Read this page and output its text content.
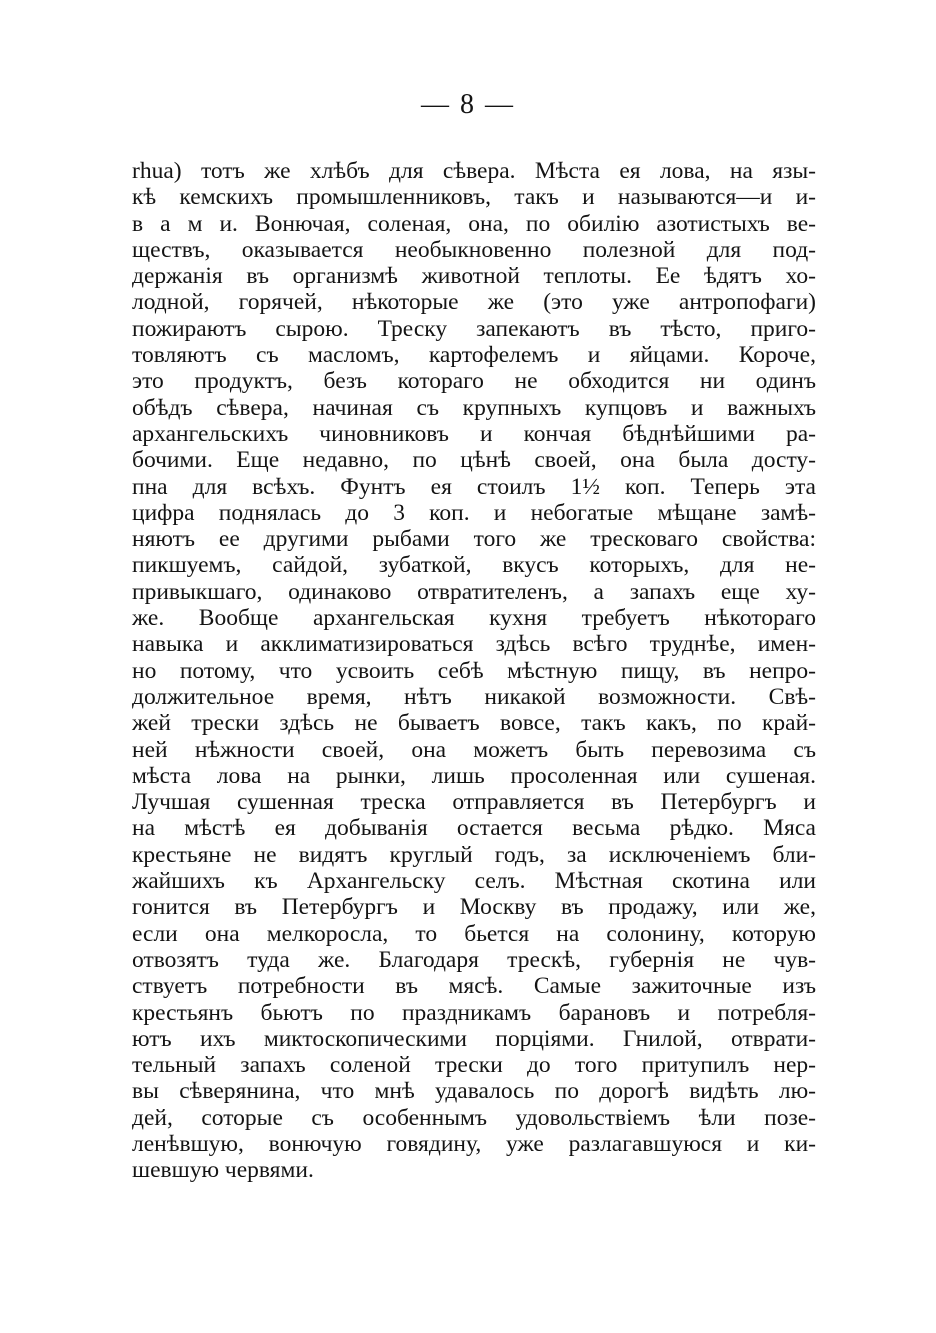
— 8 —
rhua) тотъ же хлѣбъ для сѣвера. Мѣста ея лова, на язы-
кѣ кемскихъ промышленниковъ, такъ и называются—и и-
в а м и. Вонючая, соленая, она, по обилію азотистыхъ ве-
ществъ, оказывается необыкновенно полезной для под-
держанія въ организмѣ животной теплоты. Ее ѣдятъ хо-
лодной, горячей, нѣкоторые же (это уже антропофаги)
пожираютъ сырою. Треску запекаютъ въ тѣсто, приго-
товляютъ съ масломъ, картофелемъ и яйцами. Короче,
это продуктъ, безъ котораго не обходится ни одинъ
обѣдъ сѣвера, начиная съ крупныхъ купцовъ и важныхъ
архангельскихъ чиновниковъ и кончая бѣднѣйшими ра-
бочими. Еще недавно, по цѣнѣ своей, она была досту-
пна для всѣхъ. Фунтъ ея стоилъ 1½ коп. Теперь эта
цифра поднялась до 3 коп. и небогатые мѣщане замѣ-
няютъ ее другими рыбами того же тресковаго свойства:
пикшуемъ, сайдой, зубаткой, вкусъ которыхъ, для не-
привыкшаго, одинаково отвратителенъ, а запахъ еще ху-
же. Вообще архангельская кухня требуетъ нѣкотораго
навыка и акклиматизироваться здѣсь всѣго труднѣе, имен-
но потому, что усвоить себѣ мѣстную пищу, въ непро-
должительное время, нѣтъ никакой возможности. Свѣ-
жей трески здѣсь не бываетъ вовсе, такъ какъ, по край-
ней нѣжности своей, она можетъ быть перевозима съ
мѣста лова на рынки, лишь просоленная или сушеная.
Лучшая сушенная треска отправляется въ Петербургъ и
на мѣстѣ ея добыванія остается весьма рѣдко. Мяса
крестьяне не видятъ круглый годъ, за исключеніемъ бли-
жайшихъ къ Архангельску селъ. Мѣстная скотина или
гонится въ Петербургъ и Москву въ продажу, или же,
если она мелкоросла, то бьется на солонину, которую
отвозятъ туда же. Благодаря трескѣ, губернія не чув-
ствуетъ потребности въ мясѣ. Самые зажиточные изъ
крестьянъ бьютъ по праздникамъ барановъ и потребля-
ютъ ихъ миктоскопическими порціями. Гнилой, отврати-
тельный запахъ соленой трески до того притупилъ нер-
вы сѣверянина, что мнѣ удавалось по дорогѣ видѣть лю-
дей, соторые съ особеннымъ удовольствіемъ ѣли позе-
ленѣвшую, вонючую говядину, уже разлагавшуюся и ки-
шевшую червями.
